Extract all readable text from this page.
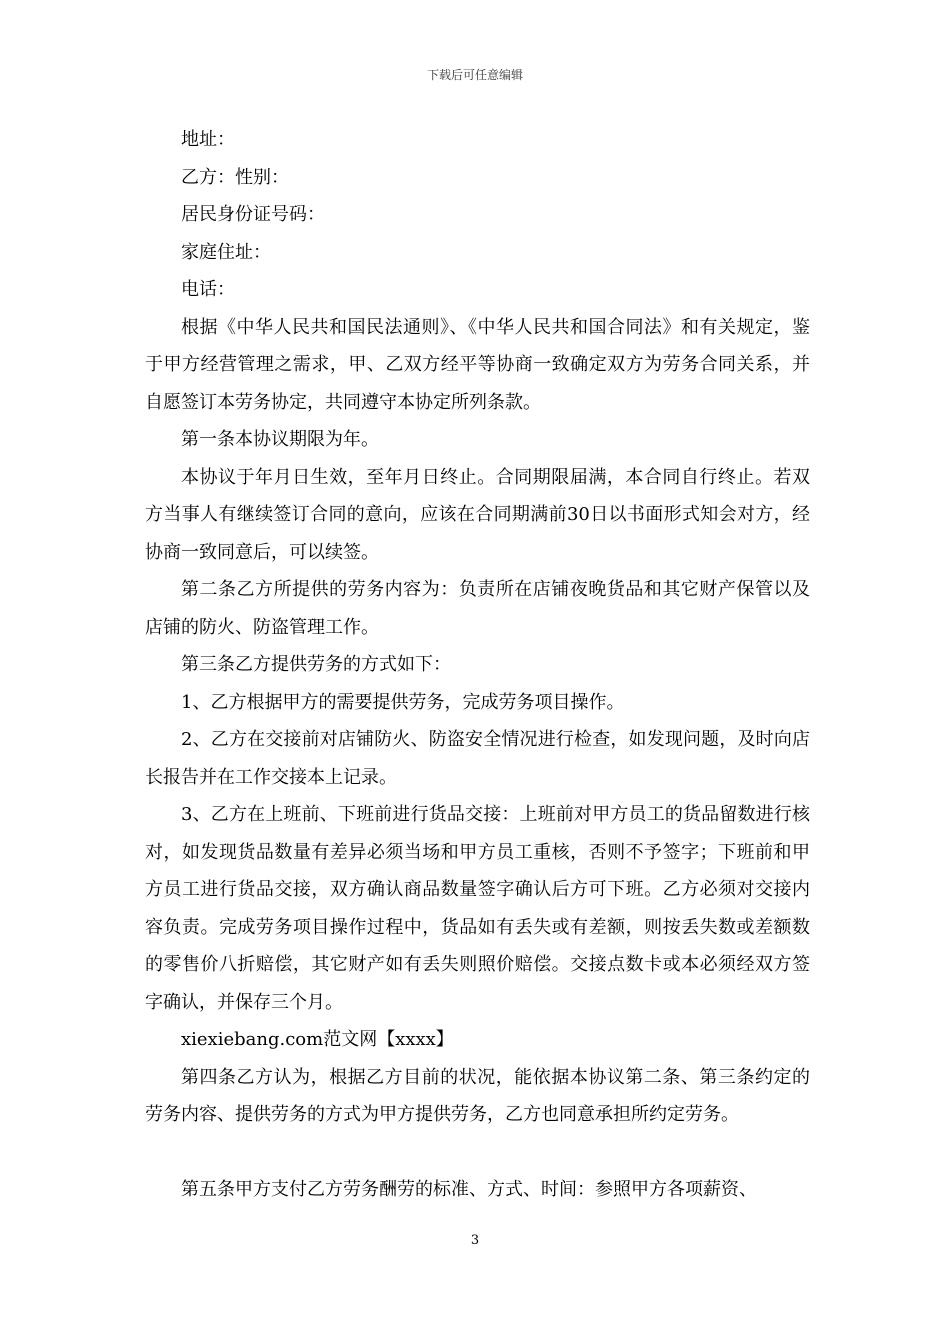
下载后可任意编辑

地址：

乙方：性别：

居民身份证号码：

家庭住址：

电话：

根据《中华人民共和国民法通则》、《中华人民共和国合同法》和有关规定，鉴于甲方经营管理之需求，甲、乙双方经平等协商一致确定双方为劳务合同关系，并自愿签订本劳务协定，共同遵守本协定所列条款。

第一条本协议期限为年。

本协议于年月日生效，至年月日终止。合同期限届满，本合同自行终止。若双方当事人有继续签订合同的意向，应该在合同期满前30日以书面形式知会对方，经协商一致同意后，可以续签。

第二条乙方所提供的劳务内容为：负责所在店铺夜晚货品和其它财产保管以及店铺的防火、防盗管理工作。

第三条乙方提供劳务的方式如下：

1、乙方根据甲方的需要提供劳务，完成劳务项目操作。

2、乙方在交接前对店铺防火、防盗安全情况进行检查，如发现问题，及时向店长报告并在工作交接本上记录。

3、乙方在上班前、下班前进行货品交接：上班前对甲方员工的货品留数进行核对，如发现货品数量有差异必须当场和甲方员工重核，否则不予签字；下班前和甲方员工进行货品交接，双方确认商品数量签字确认后方可下班。乙方必须对交接内容负责。完成劳务项目操作过程中，货品如有丢失或有差额，则按丢失数或差额数的零售价八折赔偿，其它财产如有丢失则照价赔偿。交接点数卡或本必须经双方签字确认，并保存三个月。

xiexiebang.com范文网【xxxx】

第四条乙方认为，根据乙方目前的状况，能依据本协议第二条、第三条约定的劳务内容、提供劳务的方式为甲方提供劳务，乙方也同意承担所约定劳务。

第五条甲方支付乙方劳务酬劳的标准、方式、时间：参照甲方各项薪资、

3
